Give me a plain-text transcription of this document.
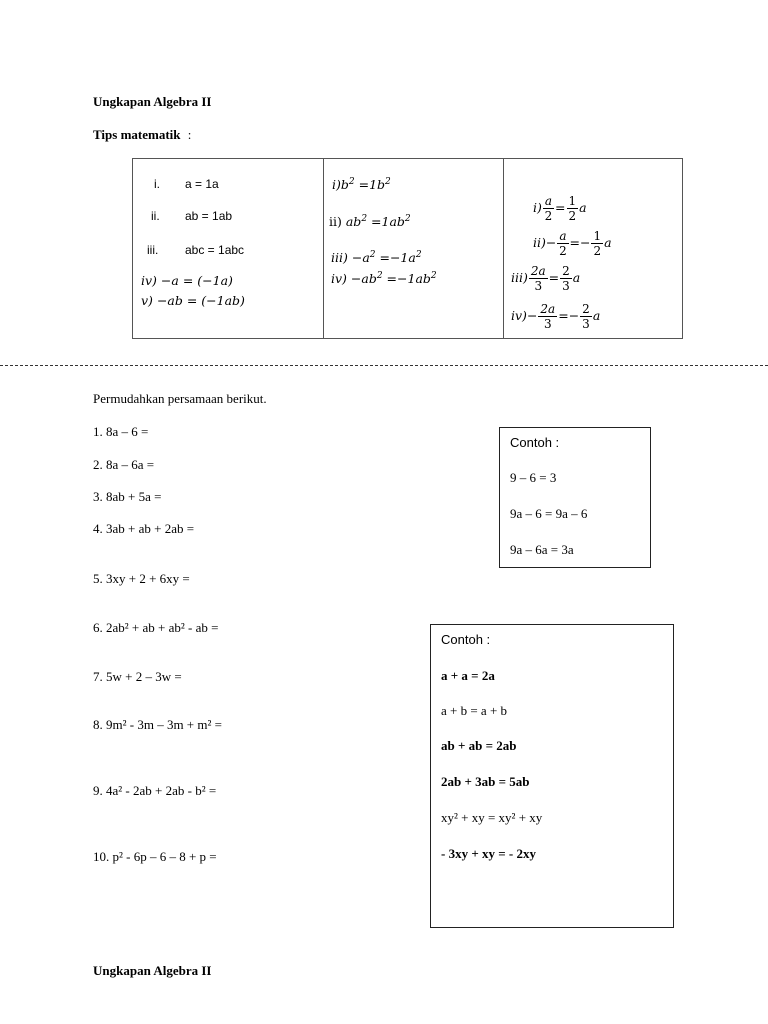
Ungkapan Algebra II
Tips matematik :
i. a = 1a
ii. ab = 1ab
iii. abc = 1abc
iv) −a = (−1a)
v) −ab = (−1ab)
$i)b^2 =1b^2$
ii) $ab^2 =1ab^2$
$iii) -a^2 =-1a^2$
$iv) -ab^2 =-1ab^2$
$i) \frac{a}{2} = \frac{1}{2}$ a
$ii)- \frac{a}{2} =- \frac{1}{2}$ a
$iii) \frac{2a}{3} = \frac{2}{3}$ a
$iv)- \frac{2a}{3} =- \frac{2}{3}$ a
Permudahkan persamaan berikut.
1. 8a – 6 =
2. 8a – 6a =
3. 8ab + 5a =
4. 3ab + ab + 2ab =
5. 3xy + 2 + 6xy =
6. 2ab² + ab + ab² - ab =
7. 5w + 2 – 3w =
8. 9m² - 3m – 3m + m² =
9. 4a² - 2ab + 2ab - b² =
10. p² - 6p – 6 – 8 + p =
Contoh :
9 – 6 = 3
9a – 6 = 9a – 6
9a – 6a = 3a
Contoh :
a + a = 2a
a + b = a + b
ab + ab = 2ab
2ab + 3ab = 5ab
xy² + xy = xy² + xy
- 3xy + xy = - 2xy
Ungkapan Algebra II
